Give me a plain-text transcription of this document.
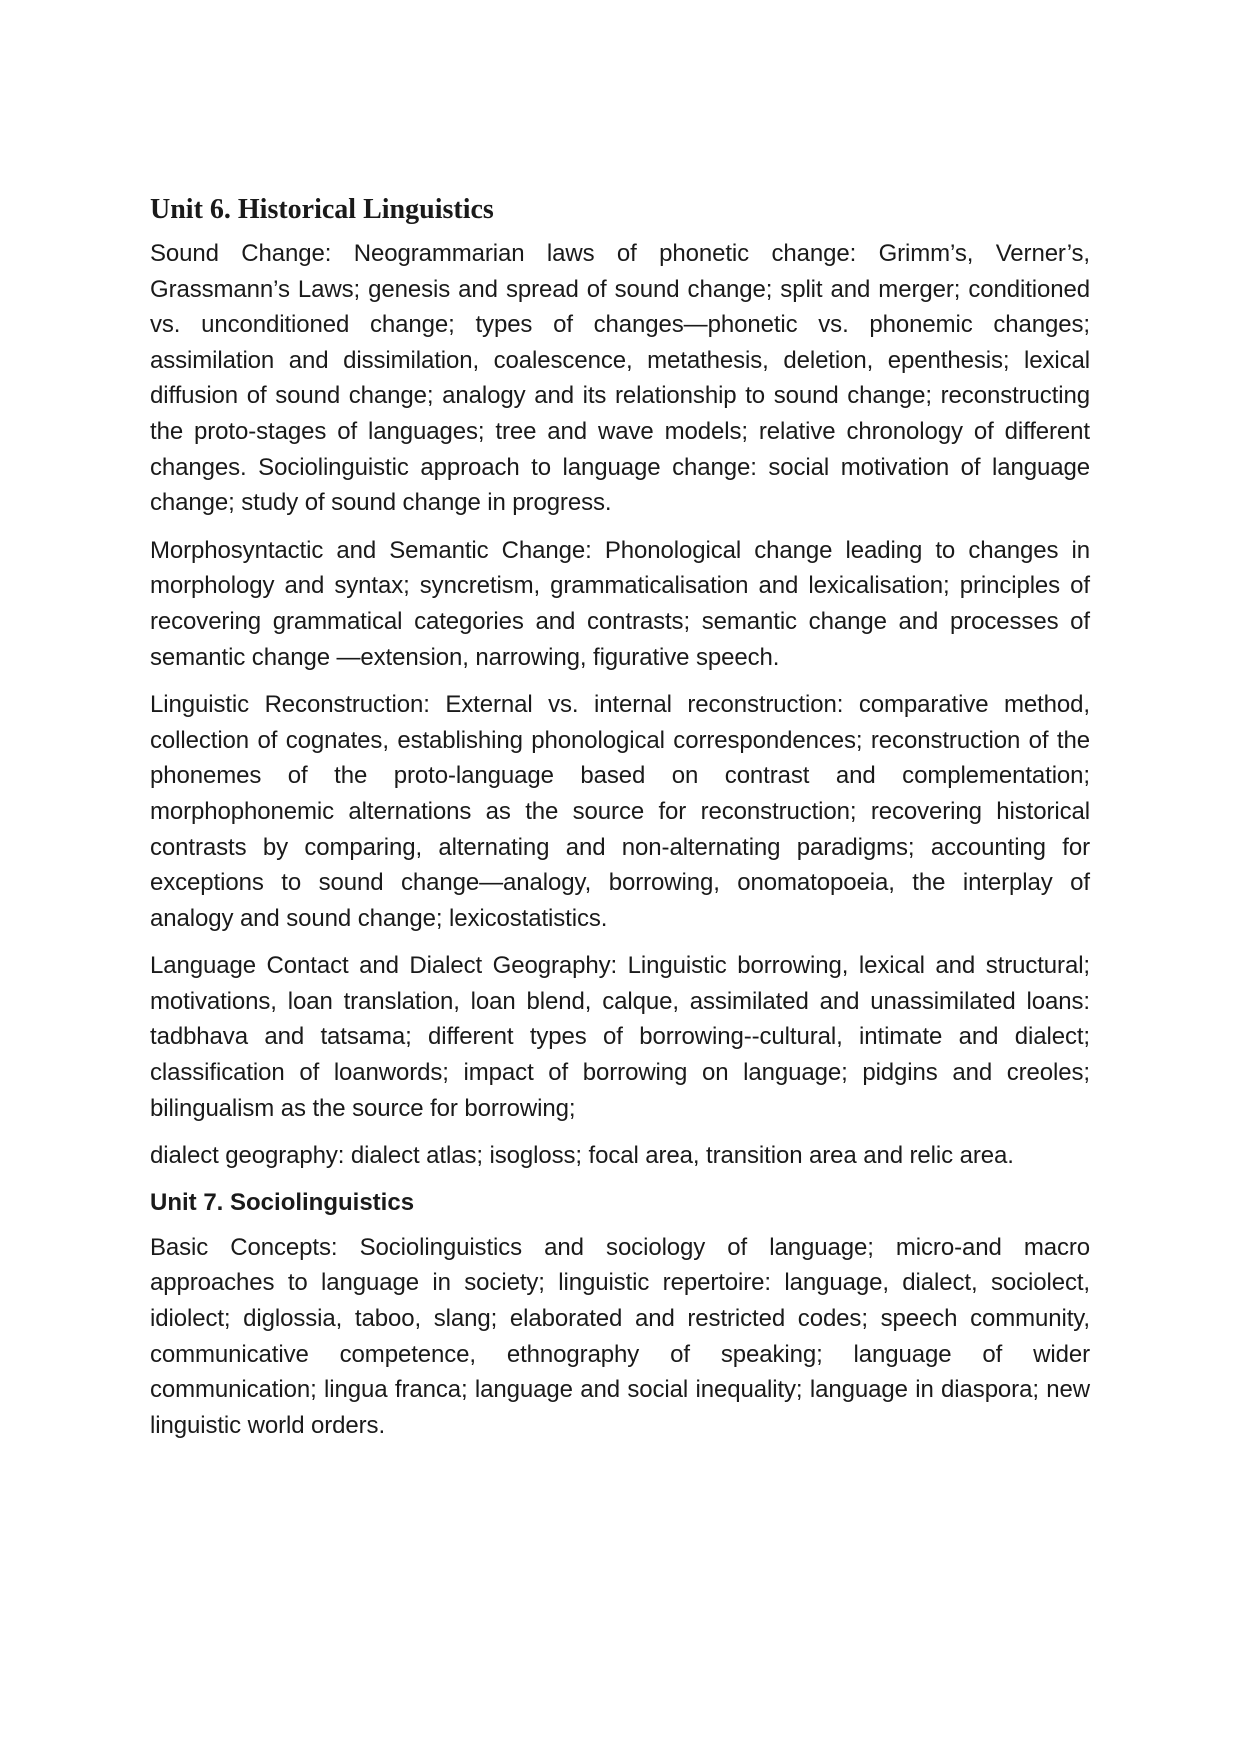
Unit 6. Historical Linguistics

Sound Change: Neogrammarian laws of phonetic change: Grimm’s, Verner’s, Grassmann’s Laws; genesis and spread of sound change; split and merger; conditioned vs. unconditioned change; types of changes—phonetic vs. phonemic changes; assimilation and dissimilation, coalescence, metathesis, deletion, epenthesis; lexical diffusion of sound change; analogy and its relationship to sound change; reconstructing the proto-stages of languages; tree and wave models; relative chronology of different changes. Sociolinguistic approach to language change: social motivation of language change; study of sound change in progress.

Morphosyntactic and Semantic Change: Phonological change leading to changes in morphology and syntax; syncretism, grammaticalisation and lexicalisation; principles of recovering grammatical categories and contrasts; semantic change and processes of semantic change —extension, narrowing, figurative speech.

Linguistic Reconstruction: External vs. internal reconstruction: comparative method, collection of cognates, establishing phonological correspondences; reconstruction of the phonemes of the proto-language based on contrast and complementation; morphophonemic alternations as the source for reconstruction; recovering historical contrasts by comparing, alternating and non-alternating paradigms; accounting for exceptions to sound change—analogy, borrowing, onomatopoeia, the interplay of analogy and sound change; lexicostatistics.

Language Contact and Dialect Geography: Linguistic borrowing, lexical and structural; motivations, loan translation, loan blend, calque, assimilated and unassimilated loans: tadbhava and tatsama; different types of borrowing--cultural, intimate and dialect; classification of loanwords; impact of borrowing on language; pidgins and creoles; bilingualism as the source for borrowing;

dialect geography: dialect atlas; isogloss; focal area, transition area and relic area.

Unit 7. Sociolinguistics

Basic Concepts: Sociolinguistics and sociology of language; micro-and macro approaches to language in society; linguistic repertoire: language, dialect, sociolect, idiolect; diglossia, taboo, slang; elaborated and restricted codes; speech community, communicative competence, ethnography of speaking; language of wider communication; lingua franca; language and social inequality; language in diaspora; new linguistic world orders.
